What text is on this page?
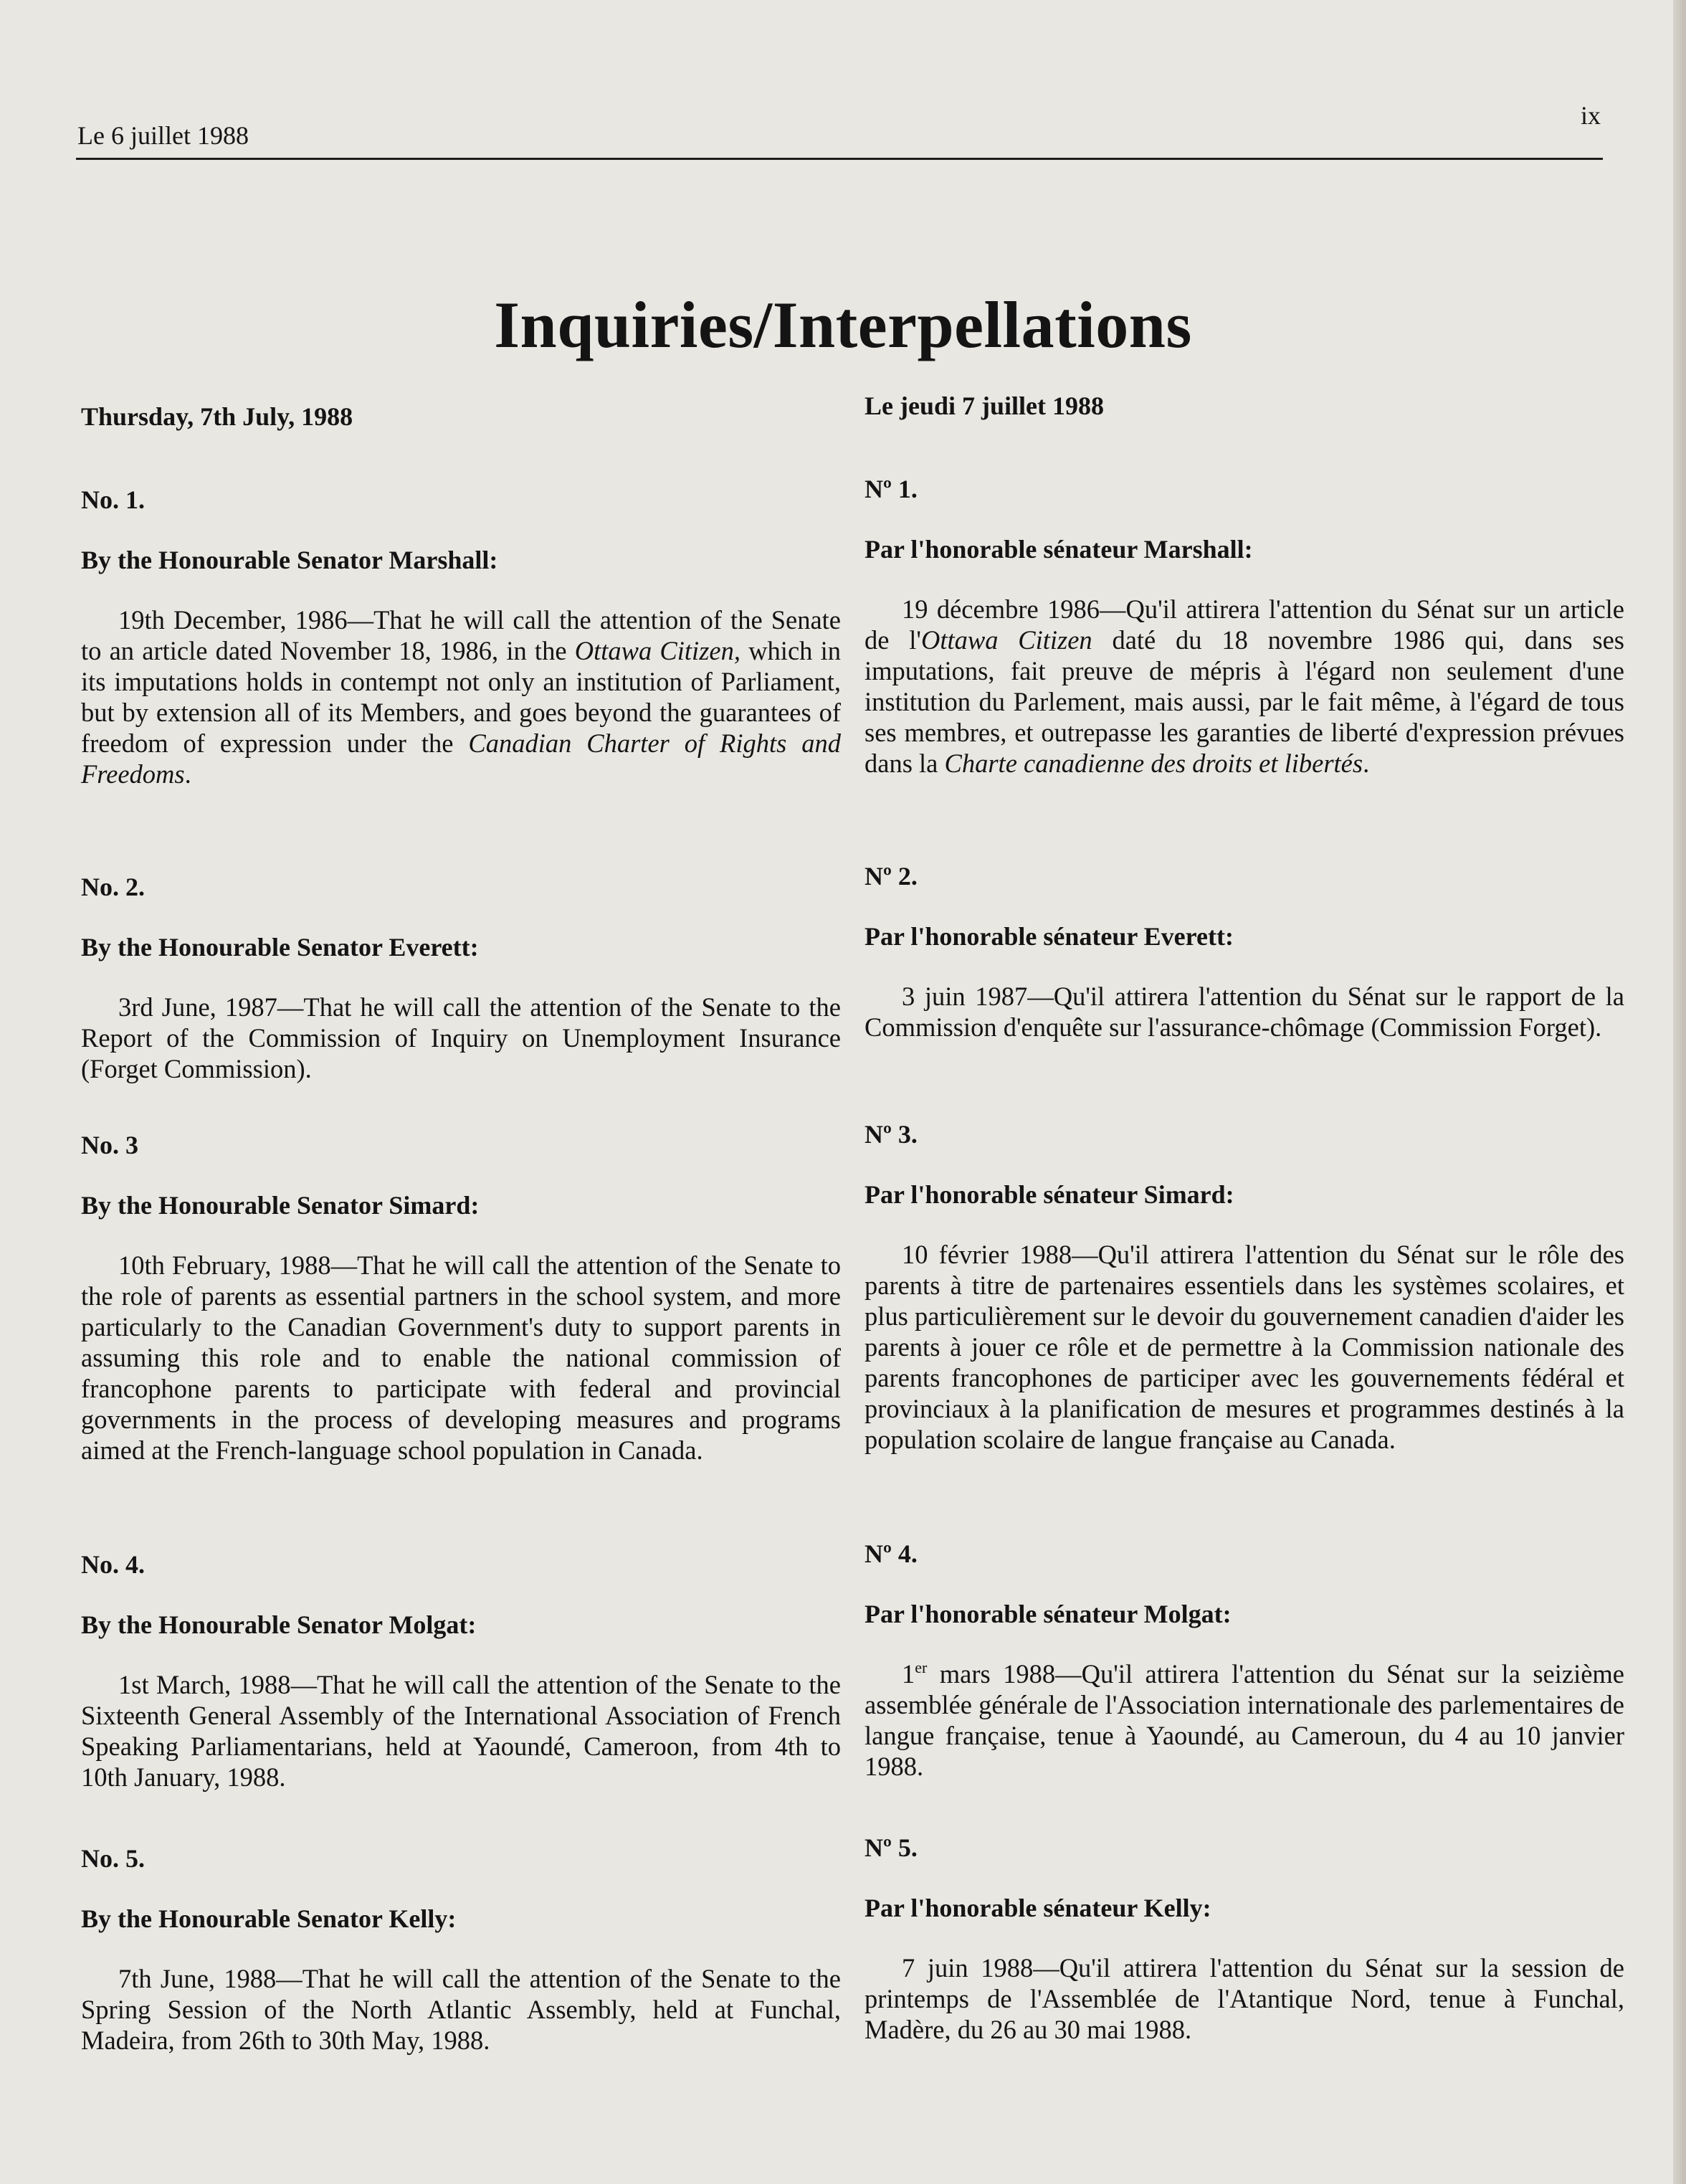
Le 6 juillet 1988
ix
Inquiries/Interpellations

Thursday, 7th July, 1988

No. 1.

By the Honourable Senator Marshall:

19th December, 1986—That he will call the attention of the Senate to an article dated November 18, 1986, in the Ottawa Citizen, which in its imputations holds in contempt not only an institution of Parliament, but by extension all of its Members, and goes beyond the guarantees of freedom of expression under the Canadian Charter of Rights and Freedoms.

No. 2.

By the Honourable Senator Everett:

3rd June, 1987—That he will call the attention of the Senate to the Report of the Commission of Inquiry on Unemployment Insurance (Forget Commission).

No. 3

By the Honourable Senator Simard:

10th February, 1988—That he will call the attention of the Senate to the role of parents as essential partners in the school system, and more particularly to the Canadian Government's duty to support parents in assuming this role and to enable the national commission of francophone parents to participate with federal and provincial governments in the process of developing measures and programs aimed at the French-language school population in Canada.

No. 4.

By the Honourable Senator Molgat:

1st March, 1988—That he will call the attention of the Senate to the Sixteenth General Assembly of the International Association of French Speaking Parliamentarians, held at Yaoundé, Cameroon, from 4th to 10th January, 1988.

No. 5.

By the Honourable Senator Kelly:

7th June, 1988—That he will call the attention of the Senate to the Spring Session of the North Atlantic Assembly, held at Funchal, Madeira, from 26th to 30th May, 1988.

Le jeudi 7 juillet 1988

Nº 1.

Par l'honorable sénateur Marshall:

19 décembre 1986—Qu'il attirera l'attention du Sénat sur un article de l'Ottawa Citizen daté du 18 novembre 1986 qui, dans ses imputations, fait preuve de mépris à l'égard non seulement d'une institution du Parlement, mais aussi, par le fait même, à l'égard de tous ses membres, et outrepasse les garanties de liberté d'expression prévues dans la Charte canadienne des droits et libertés.

Nº 2.

Par l'honorable sénateur Everett:

3 juin 1987—Qu'il attirera l'attention du Sénat sur le rapport de la Commission d'enquête sur l'assurance-chômage (Commission Forget).

Nº 3.

Par l'honorable sénateur Simard:

10 février 1988—Qu'il attirera l'attention du Sénat sur le rôle des parents à titre de partenaires essentiels dans les systèmes scolaires, et plus particulièrement sur le devoir du gouvernement canadien d'aider les parents à jouer ce rôle et de permettre à la Commission nationale des parents francophones de participer avec les gouvernements fédéral et provinciaux à la planification de mesures et programmes destinés à la population scolaire de langue française au Canada.

Nº 4.

Par l'honorable sénateur Molgat:

1er mars 1988—Qu'il attirera l'attention du Sénat sur la seizième assemblée générale de l'Association internationale des parlementaires de langue française, tenue à Yaoundé, au Cameroun, du 4 au 10 janvier 1988.

Nº 5.

Par l'honorable sénateur Kelly:

7 juin 1988—Qu'il attirera l'attention du Sénat sur la session de printemps de l'Assemblée de l'Atantique Nord, tenue à Funchal, Madère, du 26 au 30 mai 1988.
